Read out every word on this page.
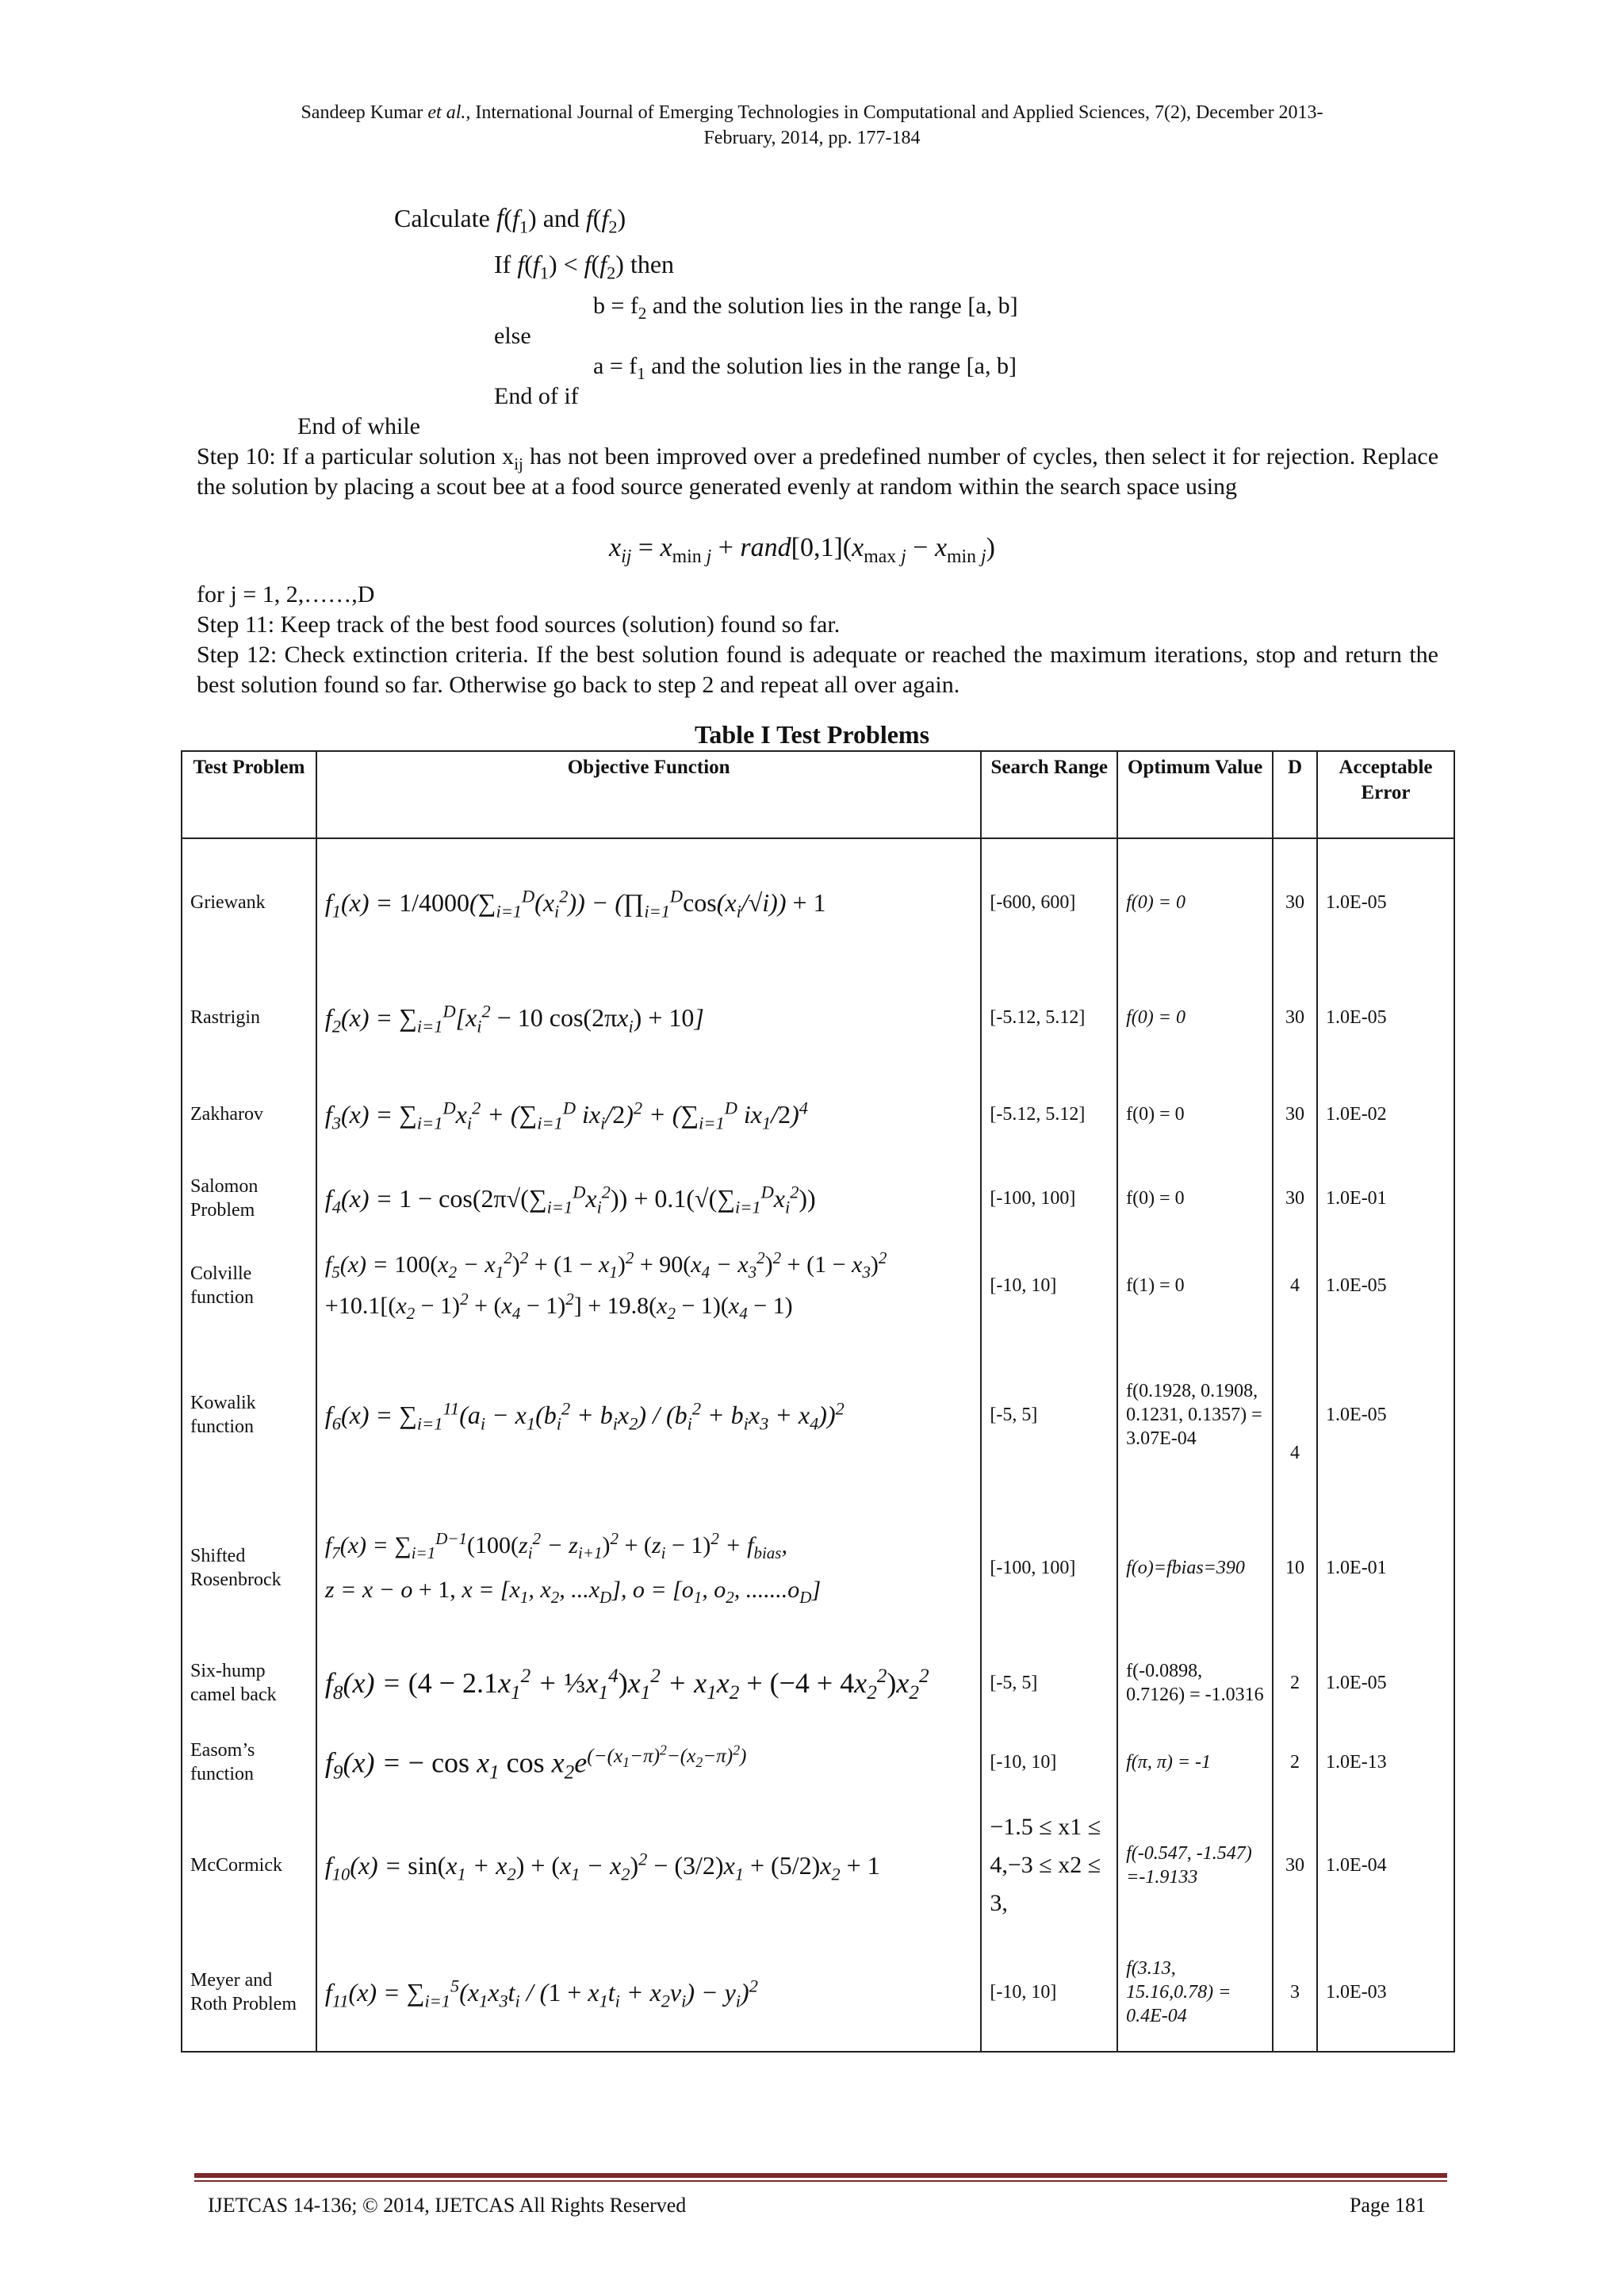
Sandeep Kumar et al., International Journal of Emerging Technologies in Computational and Applied Sciences, 7(2), December 2013-
February, 2014, pp. 177-184
Calculate $f(f_1)$ and $f(f_2)$
If $f(f_1) < f(f_2)$ then
$b = f_2$ and the solution lies in the range [a, b]
else
$a = f_1$ and the solution lies in the range [a, b]
End of if
End of while
Step 10: If a particular solution $x_{ij}$ has not been improved over a predefined number of cycles, then select it for rejection. Replace the solution by placing a scout bee at a food source generated evenly at random within the search space using
$x_{ij} = x_{min j}$ + $rand[0,1](x_{max j} - x_{min j})$
for j = 1, 2,……,D
Step 11: Keep track of the best food sources (solution) found so far.
Step 12: Check extinction criteria. If the best solution found is adequate or reached the maximum iterations, stop and return the best solution found so far. Otherwise go back to step 2 and repeat all over again.
Table I Test Problems
Test Problem	Objective Function	Search Range	Optimum Value	D	Acceptable Error
Griewank	$f_1(x) = 1/4000(\sum_{i=1}^D(x_i^2))$ − $(\prod_{i=1}^D\cos(x_i/√i)) + 1$	[-600, 600]	f(0) = 0	30	1.0E-05
Rastrigin	$f_2(x) = \sum_{i=1}^D[x_i^2 - 10$ $\cos(2\pi x_i) + 10$]	[-5.12, 5.12]	f(0) = 0	30	1.0E-05
Zakharov	$f_3(x) = \sum_{i=1}^Dx_i^2 + (\sum_{i=1}^D$ $ix_i/2)^2 + (\sum_{i=1}^D$ $ix_1/2)^4$	[-5.12, 5.12]	f(0) = 0	30	1.0E-02
Salomon Problem	$f_4(x) = 1 - \cos(2\pi√(\sum_{i=1}^Dx_i^2)) + 0.1(√(\sum_{i=1}^Dx_i^2))$	[-100, 100]	f(0) = 0	30	1.0E-01
Colville function	$f_5(x) = 100(x_2 - x_1^2)^2 + (1 - x_1)^2 + 90(x_4 - x_3^2)^2 + (1 - x_3)^2$
$+10.1[(x_2 - 1)^2 + (x_4 - 1)^2] + 19.8(x_2 - 1)(x_4 - 1)$	[-10, 10]	f(1) = 0	4	1.0E-05
Kowalik function	$f_6(x) = \sum_{i=1}^{11}(a_i - x_1(b_i^2 + b_ix_2) / (b_i^2 + b_ix_3 + x_4))^2$	[-5, 5]	f(0.1928, 0.1908, 0.1231, 0.1357) = 3.07E-04	4	1.0E-05
Shifted Rosenbrock	$f_7(x) = \sum_{i=1}^{D-1}(100(z_i^2 - z_{i+1})^2 + (z_i - 1)^2 + f_{bias}$,
z = x − o + 1, $x = [x_1$, $x_2$, $...x_D$], $o = [o_1$, $o_2$, $.......o_D$]	[-100, 100]	f(o)=fbias=390	10	1.0E-01
Six-hump camel back	$f_8(x) = (4 - 2.1x_1^2$ + $\frac{1}{3}x_1^4)x_1^2 + x_1x_2 + (-4 + 4x_2^2)x_2^2$	[-5, 5]	f(-0.0898, 0.7126) = -1.0316	2	1.0E-05
Easom’s function	$f_9(x)$ = − $\cos x_1$ $\cos x_2e^{(-(x_1-\pi)^2-(x_2-\pi)^2)}$	[-10, 10]	f(π, π) = -1	2	1.0E-13
McCormick	$f_{10}(x) = \sin(x_1 + x_2) + (x_1 - x_2)^2 - (3/2)x_1 + (5/2)x_2 + 1$	−1.5 ≤ x1 ≤ 4,−3 ≤ x2 ≤ 3,	f(-0.547, -1.547) =-1.9133	30	1.0E-04
Meyer and Roth Problem	$f_{11}(x) = \sum_{i=1}^5(x_1x_3t_i / (1 + x_1t_i + x_2v_i) - y_i)^2$	[-10, 10]	f(3.13, 15.16,0.78) = 0.4E-04	3	1.0E-03
IJETCAS 14-136; © 2014, IJETCAS All Rights Reserved	Page 181
